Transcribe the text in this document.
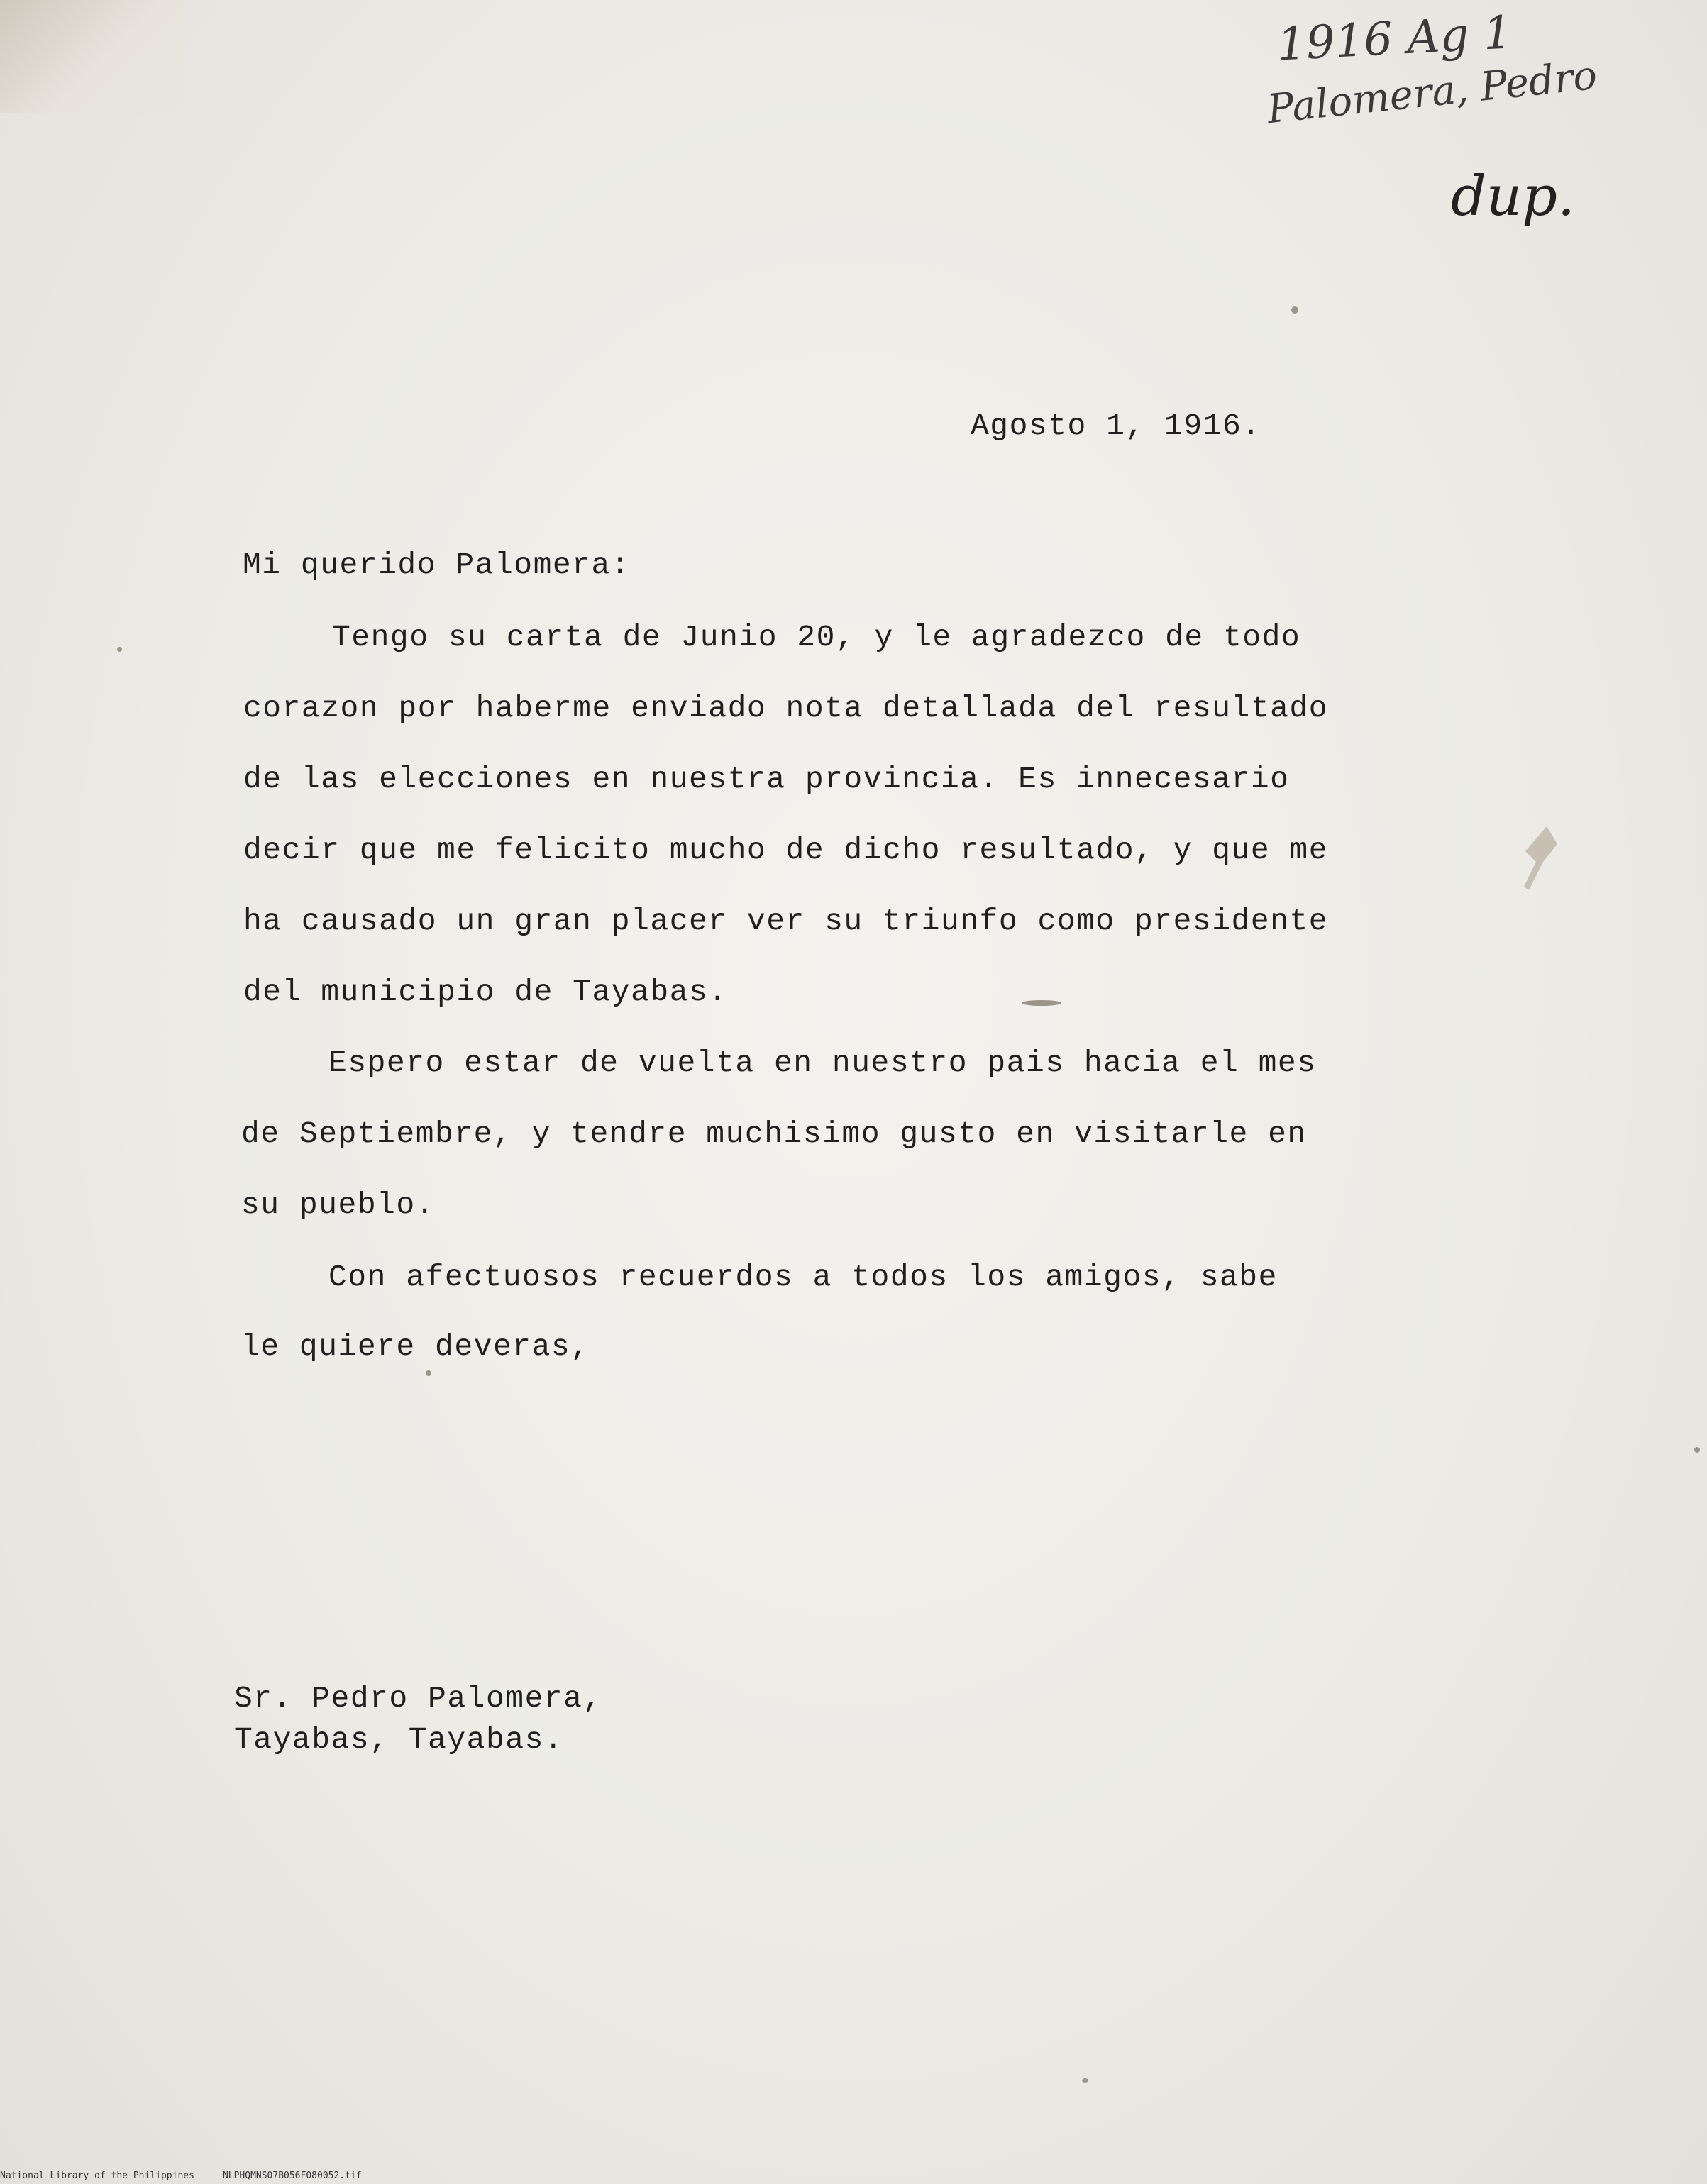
1916 Ag 1

Palomera, Pedro

dup.

Agosto 1, 1916.

Mi querido Palomera:

Tengo su carta de Junio 20, y le agradezco de todo

corazon por haberme enviado nota detallada del resultado

de las elecciones en nuestra provincia. Es innecesario

decir que me felicito mucho de dicho resultado, y que me

ha causado un gran placer ver su triunfo como presidente

del municipio de Tayabas.

Espero estar de vuelta en nuestro pais hacia el mes

de Septiembre, y tendre muchisimo gusto en visitarle en

su pueblo.

Con afectuosos recuerdos a todos los amigos, sabe

le quiere deveras,

Sr. Pedro Palomera,

Tayabas, Tayabas.

National Library of the Philippines	NLPHQMNS07B056F080052.tif
